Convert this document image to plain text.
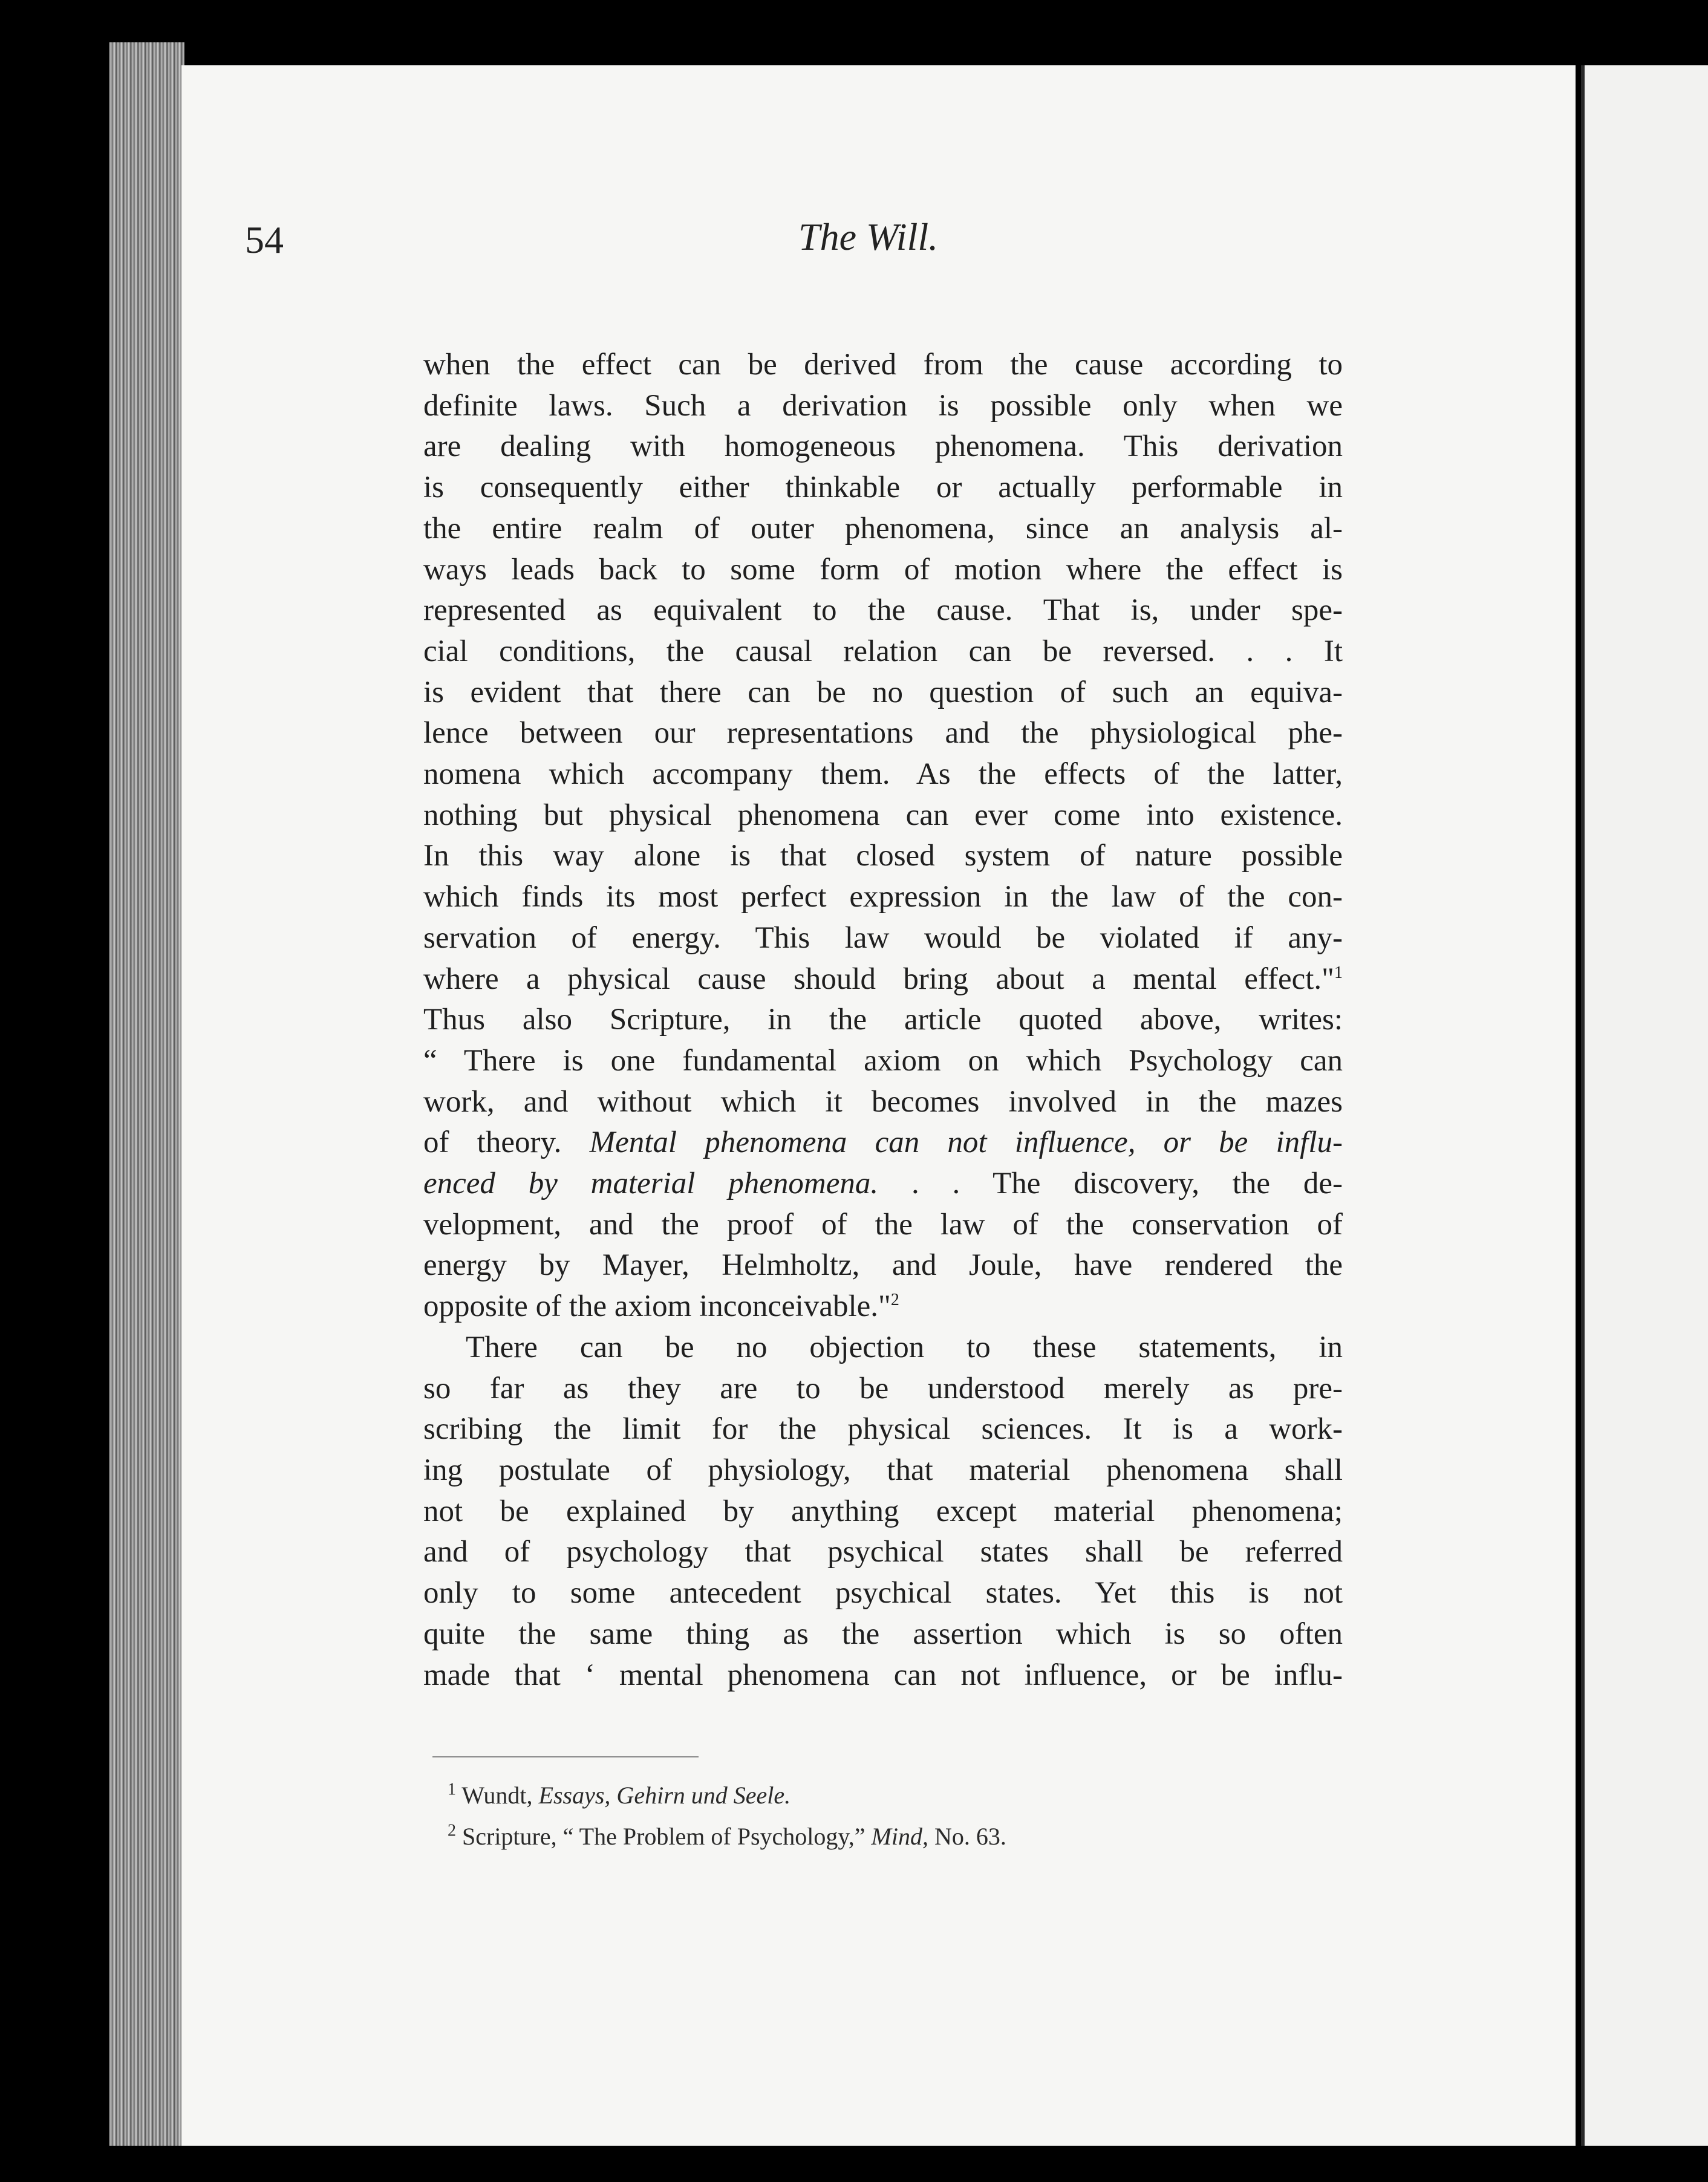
54	The Will.
when the effect can be derived from the cause according to
definite laws. Such a derivation is possible only when we
are dealing with homogeneous phenomena. This derivation
is consequently either thinkable or actually performable in
the entire realm of outer phenomena, since an analysis al-
ways leads back to some form of motion where the effect is
represented as equivalent to the cause. That is, under spe-
cial conditions, the causal relation can be reversed. . . It
is evident that there can be no question of such an equiva-
lence between our representations and the physiological phe-
nomena which accompany them. As the effects of the latter,
nothing but physical phenomena can ever come into existence.
In this way alone is that closed system of nature possible
which finds its most perfect expression in the law of the con-
servation of energy. This law would be violated if any-
where a physical cause should bring about a mental effect."$^1$
Thus also Scripture, in the article quoted above, writes:
“ There is one fundamental axiom on which Psychology can
work, and without which it becomes involved in the mazes
of theory. Mental phenomena can not influence, or be influ-
enced by material phenomena. . . The discovery, the de-
velopment, and the proof of the law of the conservation of
energy by Mayer, Helmholtz, and Joule, have rendered the
opposite of the axiom inconceivable."$^2$
There can be no objection to these statements, in
so far as they are to be understood merely as pre-
scribing the limit for the physical sciences. It is a work-
ing postulate of physiology, that material phenomena shall
not be explained by anything except material phenomena;
and of psychology that psychical states shall be referred
only to some antecedent psychical states. Yet this is not
quite the same thing as the assertion which is so often
made that ‘ mental phenomena can not influence, or be influ-
$^1$ Wundt, Essays, Gehirn und Seele.
$^2$ Scripture, “ The Problem of Psychology,” Mind, No. 63.
